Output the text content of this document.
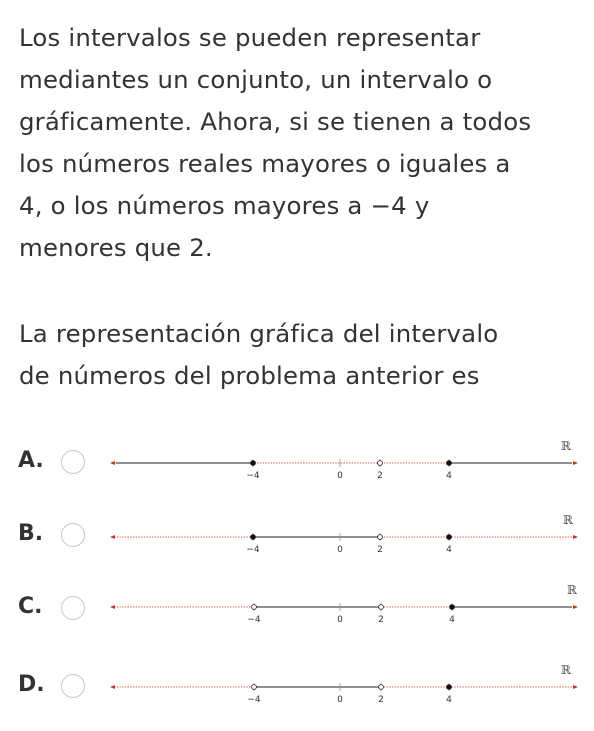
Los intervalos se pueden representar
mediantes un conjunto, un intervalo o
gráficamente. Ahora, si se tienen a todos
los números reales mayores o iguales a
4, o los números mayores a −4 y
menores que 2.

La representación gráfica del intervalo
de números del problema anterior es

A.
−4	0	2	4
ℝ
B.
−4	0	2	4
ℝ
C.
−4	0	2	4
ℝ
D.
−4	0	2	4
ℝ
